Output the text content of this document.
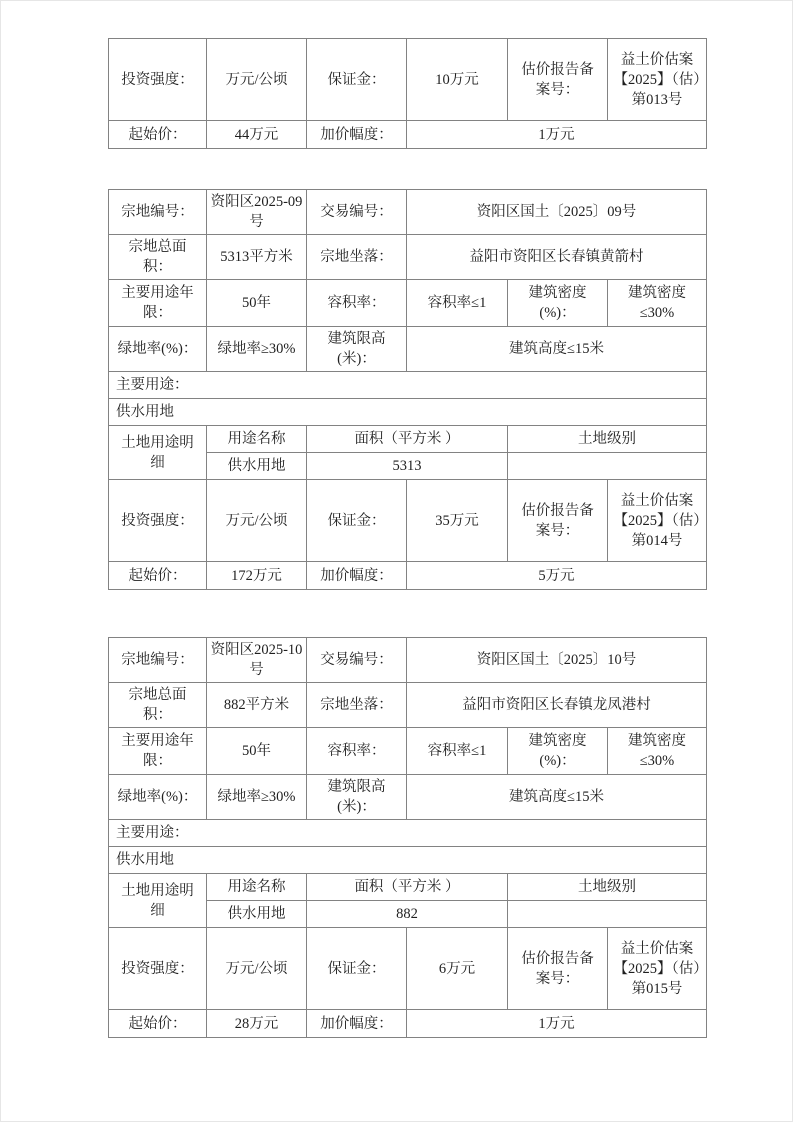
投资强度：	万元/公顷	保证金：	10万元	估价报告备案号：	益土价估案【2025】（估）第013号
起始价：	44万元	加价幅度：	1万元		
宗地编号：	资阳区2025-09号	交易编号：	资阳区国土〔2025〕09号		
宗地总面积：	5313平方米	宗地坐落：	益阳市资阳区长春镇黄箭村		
主要用途年限：	50年	容积率：	容积率≤1	建筑密度(%)：	建筑密度≤30%
绿地率(%)：	绿地率≥30%	建筑限高(米)：	建筑高度≤15米		
主要用途：					
供水用地					
土地用途明细	用途名称	面积（平方米 ）		土地级别	
	供水用地	5313			
投资强度：	万元/公顷	保证金：	35万元	估价报告备案号：	益土价估案【2025】（估）第014号
起始价：	172万元	加价幅度：	5万元		
宗地编号：	资阳区2025-10号	交易编号：	资阳区国土〔2025〕10号		
宗地总面积：	882平方米	宗地坐落：	益阳市资阳区长春镇龙凤港村		
主要用途年限：	50年	容积率：	容积率≤1	建筑密度(%)：	建筑密度≤30%
绿地率(%)：	绿地率≥30%	建筑限高(米)：	建筑高度≤15米		
主要用途：					
供水用地					
土地用途明细	用途名称	面积（平方米 ）		土地级别	
	供水用地	882			
投资强度：	万元/公顷	保证金：	6万元	估价报告备案号：	益土价估案【2025】（估）第015号
起始价：	28万元	加价幅度：	1万元		
